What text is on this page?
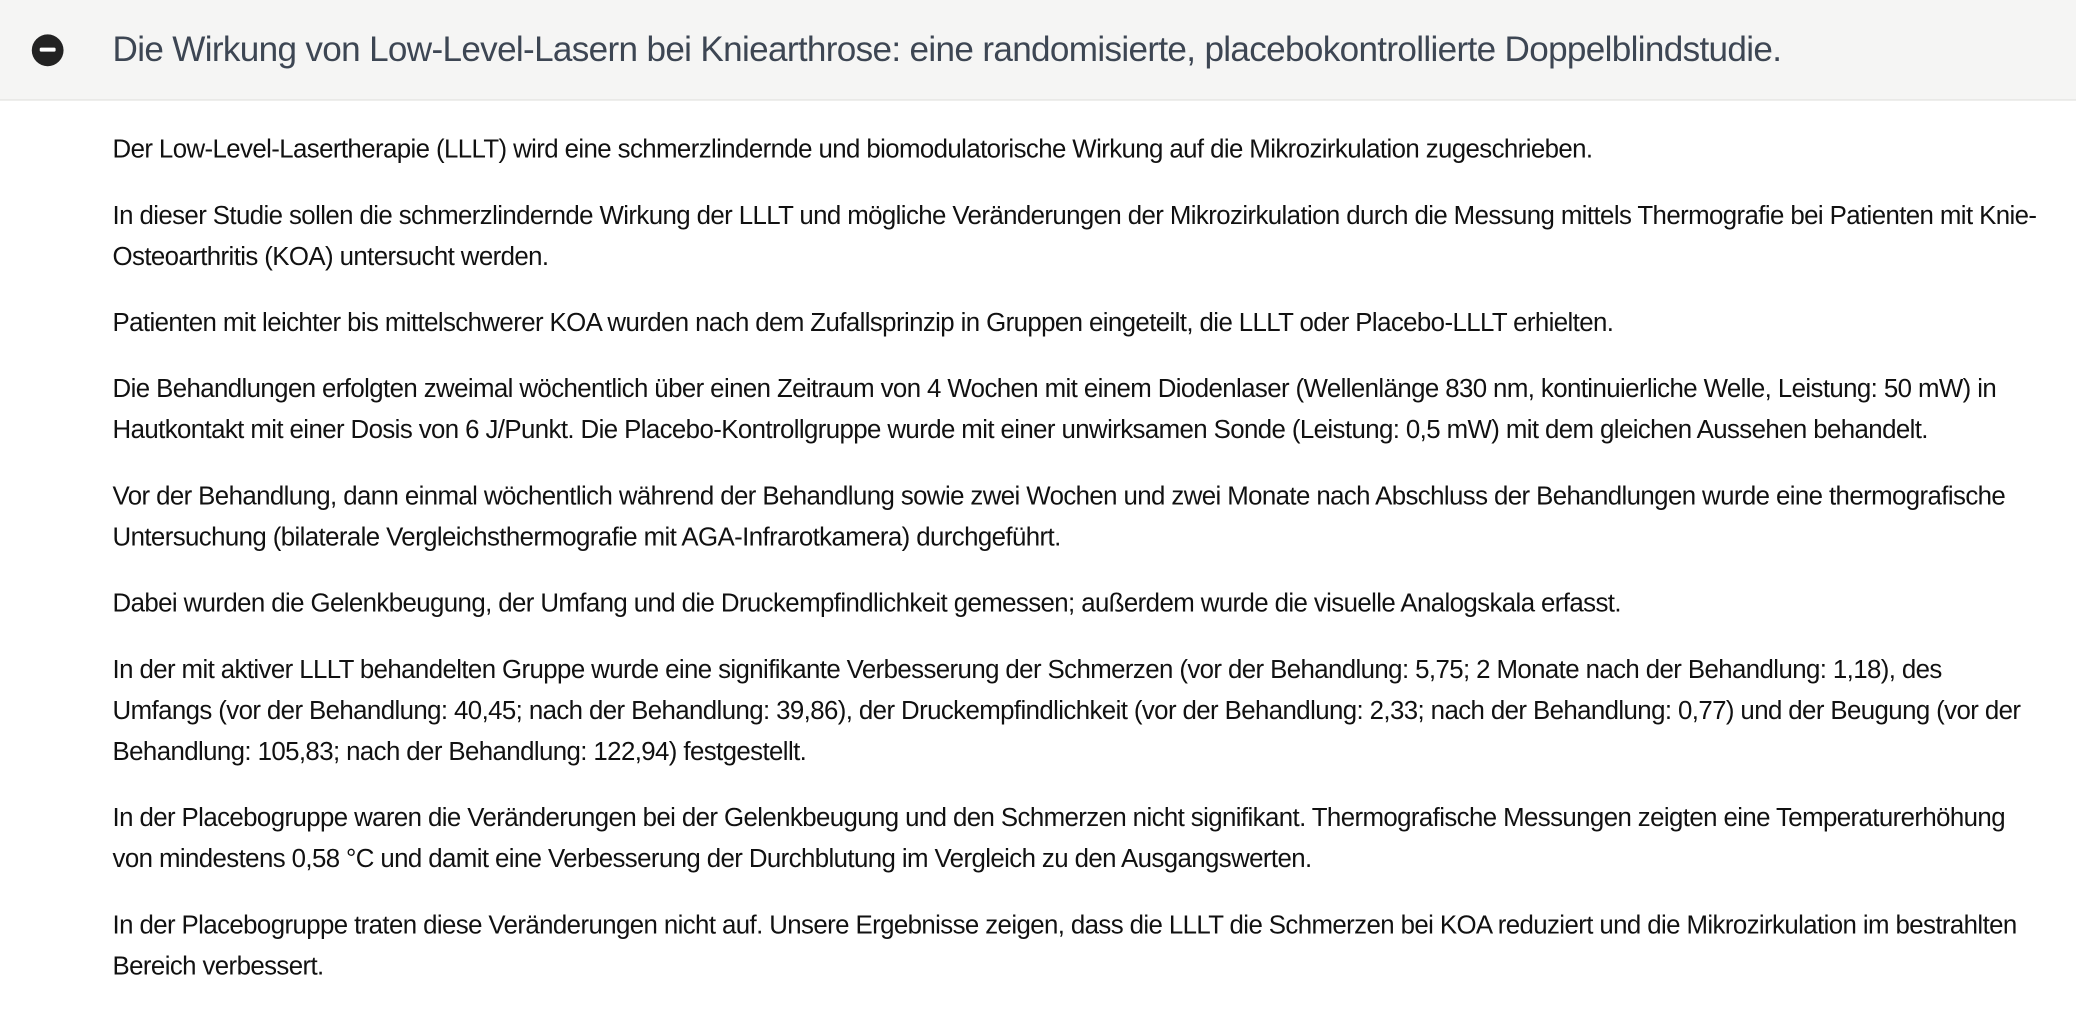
Die Wirkung von Low-Level-Lasern bei Kniearthrose: eine randomisierte, placebokontrollierte Doppelblindstudie.

Der Low-Level-Lasertherapie (LLLT) wird eine schmerzlindernde und biomodulatorische Wirkung auf die Mikrozirkulation zugeschrieben.

In dieser Studie sollen die schmerzlindernde Wirkung der LLLT und mögliche Veränderungen der Mikrozirkulation durch die Messung mittels Thermografie bei Patienten mit Knie-Osteoarthritis (KOA) untersucht werden.

Patienten mit leichter bis mittelschwerer KOA wurden nach dem Zufallsprinzip in Gruppen eingeteilt, die LLLT oder Placebo-LLLT erhielten.

Die Behandlungen erfolgten zweimal wöchentlich über einen Zeitraum von 4 Wochen mit einem Diodenlaser (Wellenlänge 830 nm, kontinuierliche Welle, Leistung: 50 mW) in Hautkontakt mit einer Dosis von 6 J/Punkt. Die Placebo-Kontrollgruppe wurde mit einer unwirksamen Sonde (Leistung: 0,5 mW) mit dem gleichen Aussehen behandelt.

Vor der Behandlung, dann einmal wöchentlich während der Behandlung sowie zwei Wochen und zwei Monate nach Abschluss der Behandlungen wurde eine thermografische Untersuchung (bilaterale Vergleichsthermografie mit AGA-Infrarotkamera) durchgeführt.

Dabei wurden die Gelenkbeugung, der Umfang und die Druckempfindlichkeit gemessen; außerdem wurde die visuelle Analogskala erfasst.

In der mit aktiver LLLT behandelten Gruppe wurde eine signifikante Verbesserung der Schmerzen (vor der Behandlung: 5,75; 2 Monate nach der Behandlung: 1,18), des Umfangs (vor der Behandlung: 40,45; nach der Behandlung: 39,86), der Druckempfindlichkeit (vor der Behandlung: 2,33; nach der Behandlung: 0,77) und der Beugung (vor der Behandlung: 105,83; nach der Behandlung: 122,94) festgestellt.

In der Placebogruppe waren die Veränderungen bei der Gelenkbeugung und den Schmerzen nicht signifikant. Thermografische Messungen zeigten eine Temperaturerhöhung von mindestens 0,58 °C und damit eine Verbesserung der Durchblutung im Vergleich zu den Ausgangswerten.

In der Placebogruppe traten diese Veränderungen nicht auf. Unsere Ergebnisse zeigen, dass die LLLT die Schmerzen bei KOA reduziert und die Mikrozirkulation im bestrahlten Bereich verbessert.
